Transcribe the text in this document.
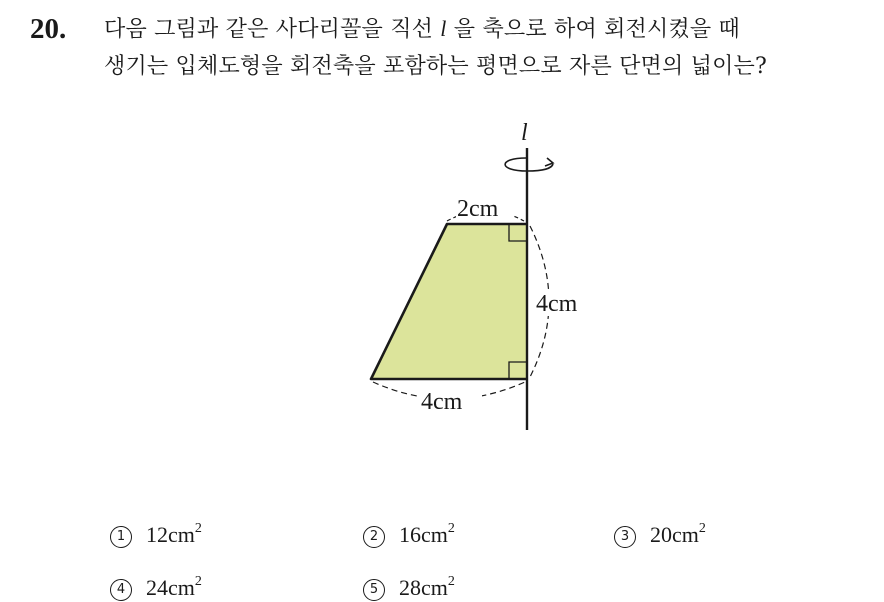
20. 다음 그림과 같은 사다리꼴을 직선 l 을 축으로 하여 회전시켰을 때
생기는 입체도형을 회전축을 포함하는 평면으로 자른 단면의 넓이는?
l
2cm
4cm
4cm
1 $12cm^2$
2 $16cm^2$
3 $20cm^2$
4 $24cm^2$
5 $28cm^2$
